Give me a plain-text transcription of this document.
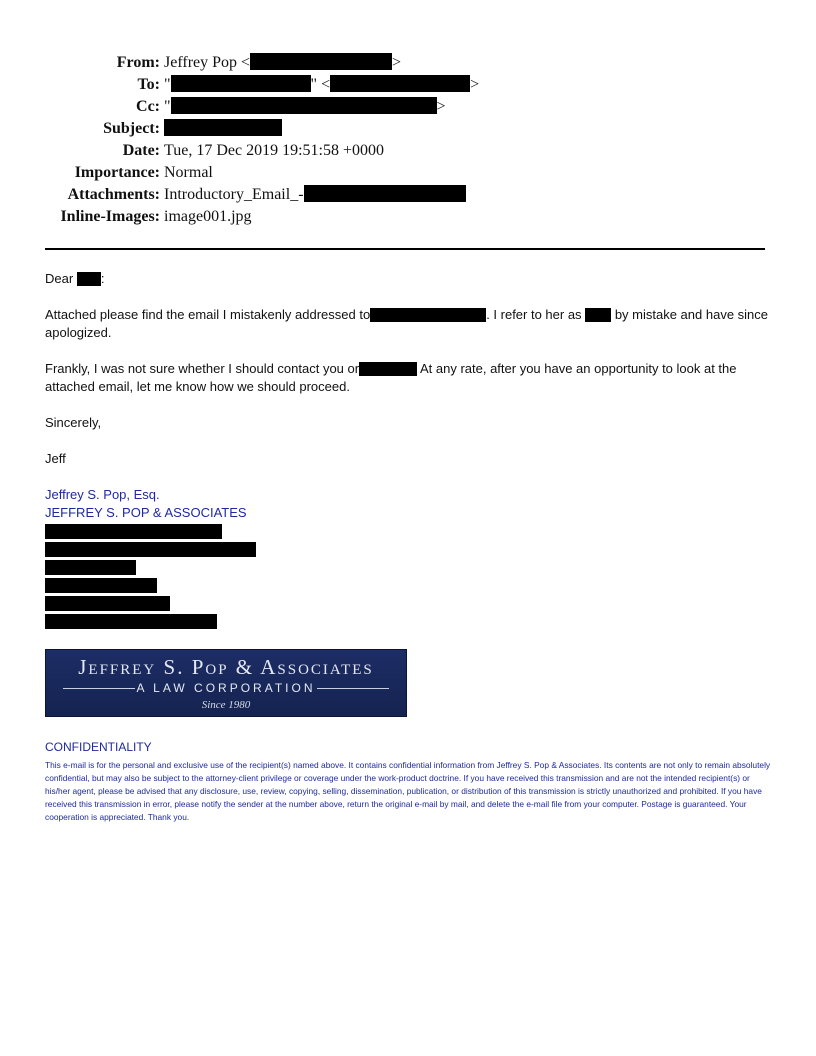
From: Jeffrey Pop <	>
To: "	" <	>
Cc: "	>
Subject:
Date: Tue, 17 Dec 2019 19:51:58 +0000
Importance: Normal
Attachments: Introductory_Email_-
Inline-Images: image001.jpg
Dear :
Attached please find the email I mistakenly addressed to	. I refer to her as	by mistake and have since apologized.
Frankly, I was not sure whether I should contact you or	At any rate, after you have an opportunity to look at the attached email, let me know how we should proceed.
Sincerely,
Jeff
Jeffrey S. Pop, Esq.
JEFFREY S. POP & ASSOCIATES
Jeffrey S. Pop & Associates
A LAW CORPORATION
Since 1980
CONFIDENTIALITY
This e-mail is for the personal and exclusive use of the recipient(s) named above. It contains confidential information from Jeffrey S. Pop & Associates. Its contents are not only to remain absolutely confidential, but may also be subject to the attorney-client privilege or coverage under the work-product doctrine. If you have received this transmission and are not the intended recipient(s) or his/her agent, please be advised that any disclosure, use, review, copying, selling, dissemination, publication, or distribution of this transmission is strictly unauthorized and prohibited. If you have received this transmission in error, please notify the sender at the number above, return the original e-mail by mail, and delete the e-mail file from your computer. Postage is guaranteed. Your cooperation is appreciated. Thank you.
